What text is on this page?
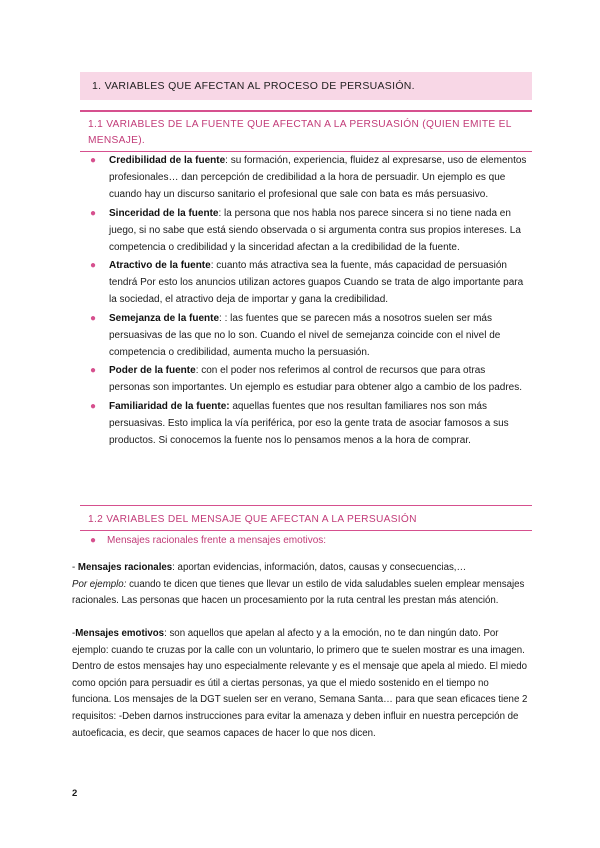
1. VARIABLES QUE AFECTAN AL PROCESO DE PERSUASIÓN.
1.1 VARIABLES DE LA FUENTE QUE AFECTAN A LA PERSUASIÓN (QUIEN EMITE EL MENSAJE).
● Credibilidad de la fuente: su formación, experiencia, fluidez al expresarse, uso de elementos profesionales… dan percepción de credibilidad a la hora de persuadir. Un ejemplo es que cuando hay un discurso sanitario el profesional que sale con bata es más persuasivo.
● Sinceridad de la fuente: la persona que nos habla nos parece sincera si no tiene nada en juego, si no sabe que está siendo observada o si argumenta contra sus propios intereses. La competencia o credibilidad y la sinceridad afectan a la credibilidad de la fuente.
● Atractivo de la fuente: cuanto más atractiva sea la fuente, más capacidad de persuasión tendrá Por esto los anuncios utilizan actores guapos Cuando se trata de algo importante para la sociedad, el atractivo deja de importar y gana la credibilidad.
● Semejanza de la fuente: : las fuentes que se parecen más a nosotros suelen ser más persuasivas de las que no lo son. Cuando el nivel de semejanza coincide con el nivel de competencia o credibilidad, aumenta mucho la persuasión.
● Poder de la fuente: con el poder nos referimos al control de recursos que para otras personas son importantes. Un ejemplo es estudiar para obtener algo a cambio de los padres.
● Familiaridad de la fuente: aquellas fuentes que nos resultan familiares nos son más persuasivas. Esto implica la vía periférica, por eso la gente trata de asociar famosos a sus productos. Si conocemos la fuente nos lo pensamos menos a la hora de comprar.
1.2 VARIABLES DEL MENSAJE QUE AFECTAN A LA PERSUASIÓN
● Mensajes racionales frente a mensajes emotivos:

- Mensajes racionales: aportan evidencias, información, datos, causas y consecuencias,…
Por ejemplo: cuando te dicen que tienes que llevar un estilo de vida saludables suelen emplear mensajes racionales. Las personas que hacen un procesamiento por la ruta central les prestan más atención.

-Mensajes emotivos: son aquellos que apelan al afecto y a la emoción, no te dan ningún dato. Por ejemplo: cuando te cruzas por la calle con un voluntario, lo primero que te suelen mostrar es una imagen. Dentro de estos mensajes hay uno especialmente relevante y es el mensaje que apela al miedo. El miedo como opción para persuadir es útil a ciertas personas, ya que el miedo sostenido en el tiempo no funciona. Los mensajes de la DGT suelen ser en verano, Semana Santa… para que sean eficaces tiene 2 requisitos: -Deben darnos instrucciones para evitar la amenaza y deben influir en nuestra percepción de autoeficacia, es decir, que seamos capaces de hacer lo que nos dicen.

2
